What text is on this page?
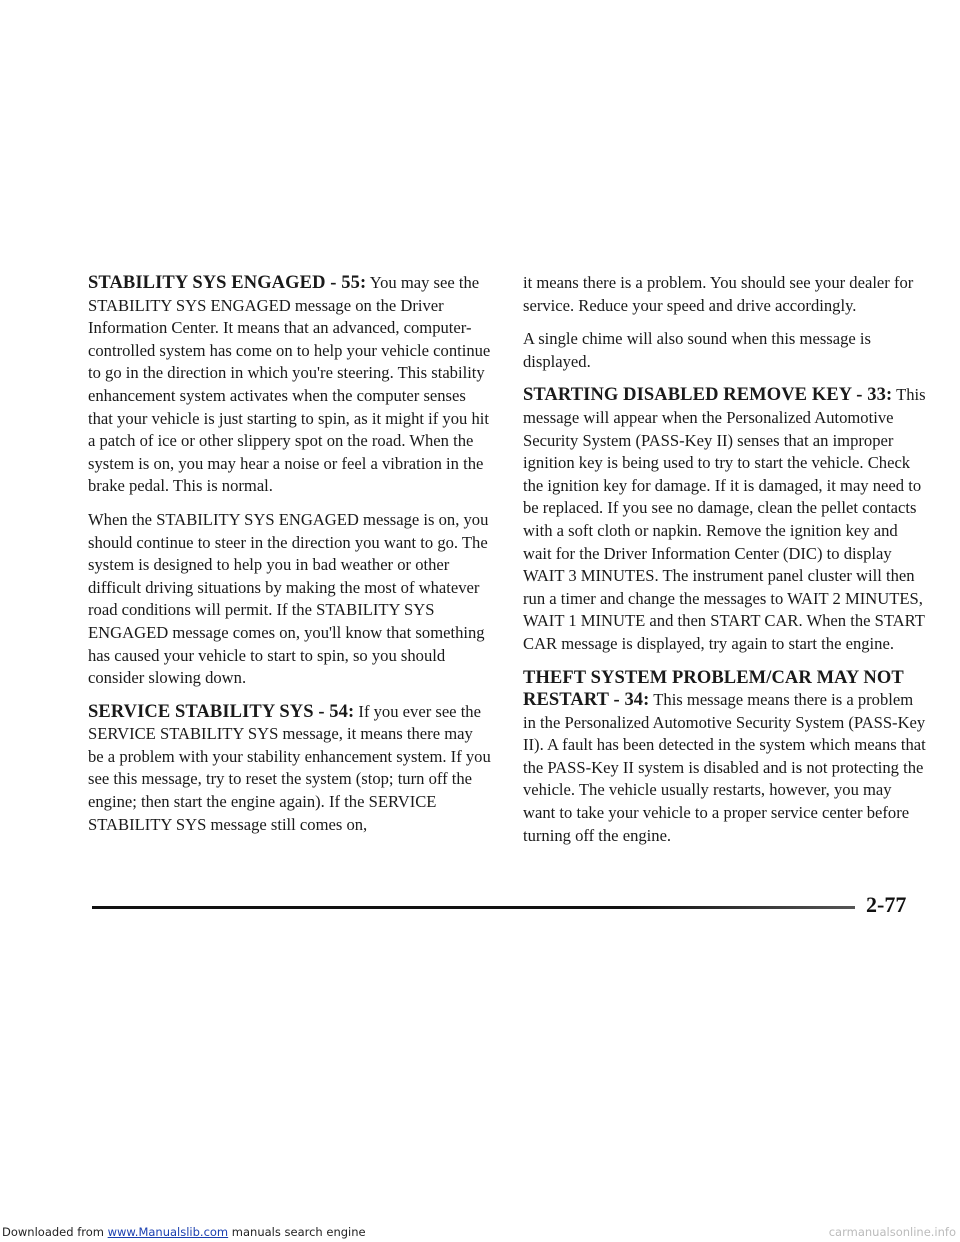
STABILITY SYS ENGAGED - 55: You may see the STABILITY SYS ENGAGED message on the Driver Information Center. It means that an advanced, computer-controlled system has come on to help your vehicle continue to go in the direction in which you're steering. This stability enhancement system activates when the computer senses that your vehicle is just starting to spin, as it might if you hit a patch of ice or other slippery spot on the road. When the system is on, you may hear a noise or feel a vibration in the brake pedal. This is normal.

When the STABILITY SYS ENGAGED message is on, you should continue to steer in the direction you want to go. The system is designed to help you in bad weather or other difficult driving situations by making the most of whatever road conditions will permit. If the STABILITY SYS ENGAGED message comes on, you'll know that something has caused your vehicle to start to spin, so you should consider slowing down.

SERVICE STABILITY SYS - 54: If you ever see the SERVICE STABILITY SYS message, it means there may be a problem with your stability enhancement system. If you see this message, try to reset the system (stop; turn off the engine; then start the engine again). If the SERVICE STABILITY SYS message still comes on,

it means there is a problem. You should see your dealer for service. Reduce your speed and drive accordingly.

A single chime will also sound when this message is displayed.

STARTING DISABLED REMOVE KEY - 33: This message will appear when the Personalized Automotive Security System (PASS-Key II) senses that an improper ignition key is being used to try to start the vehicle. Check the ignition key for damage. If it is damaged, it may need to be replaced. If you see no damage, clean the pellet contacts with a soft cloth or napkin. Remove the ignition key and wait for the Driver Information Center (DIC) to display WAIT 3 MINUTES. The instrument panel cluster will then run a timer and change the messages to WAIT 2 MINUTES, WAIT 1 MINUTE and then START CAR. When the START CAR message is displayed, try again to start the engine.

THEFT SYSTEM PROBLEM/CAR MAY NOT RESTART - 34: This message means there is a problem in the Personalized Automotive Security System (PASS-Key II). A fault has been detected in the system which means that the PASS-Key II system is disabled and is not protecting the vehicle. The vehicle usually restarts, however, you may want to take your vehicle to a proper service center before turning off the engine.

2-77
Downloaded from www.Manualslib.com manuals search engine	carmanualsonline.info
